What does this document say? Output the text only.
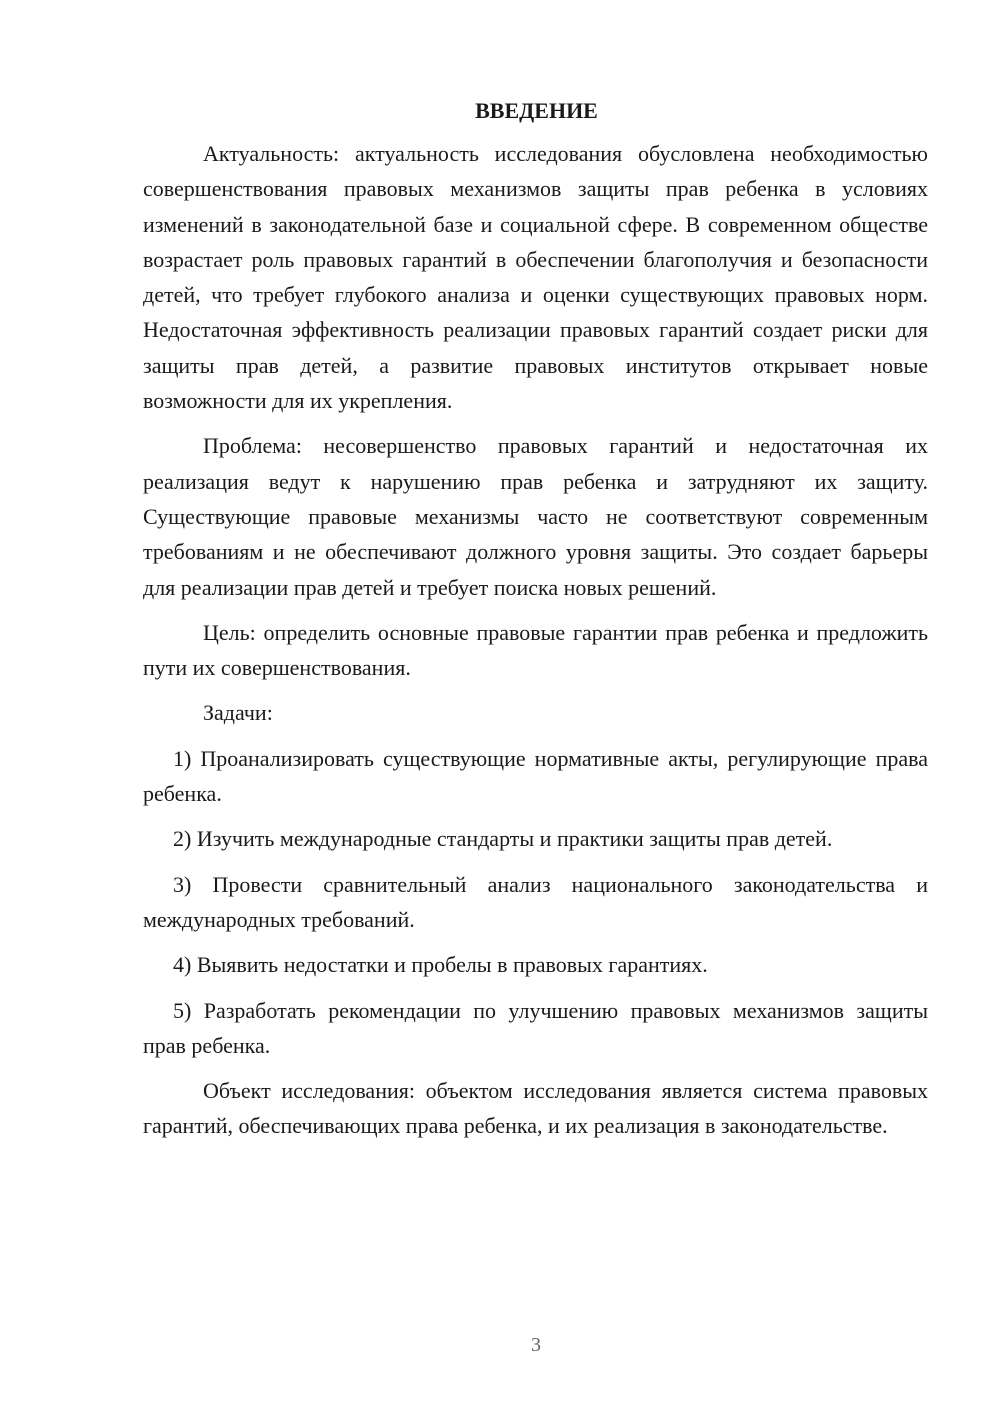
ВВЕДЕНИЕ

Актуальность: актуальность исследования обусловлена необходимостью совершенствования правовых механизмов защиты прав ребенка в условиях изменений в законодательной базе и социальной сфере. В современном обществе возрастает роль правовых гарантий в обеспечении благополучия и безопасности детей, что требует глубокого анализа и оценки существующих правовых норм. Недостаточная эффективность реализации правовых гарантий создает риски для защиты прав детей, а развитие правовых институтов открывает новые возможности для их укрепления.

Проблема: несовершенство правовых гарантий и недостаточная их реализация ведут к нарушению прав ребенка и затрудняют их защиту. Существующие правовые механизмы часто не соответствуют современным требованиям и не обеспечивают должного уровня защиты. Это создает барьеры для реализации прав детей и требует поиска новых решений.

Цель: определить основные правовые гарантии прав ребенка и предложить пути их совершенствования.

Задачи:

1) Проанализировать существующие нормативные акты, регулирующие права ребенка.

2) Изучить международные стандарты и практики защиты прав детей.

3) Провести сравнительный анализ национального законодательства и международных требований.

4) Выявить недостатки и пробелы в правовых гарантиях.

5) Разработать рекомендации по улучшению правовых механизмов защиты прав ребенка.

Объект исследования: объектом исследования является система правовых гарантий, обеспечивающих права ребенка, и их реализация в законодательстве.

3
